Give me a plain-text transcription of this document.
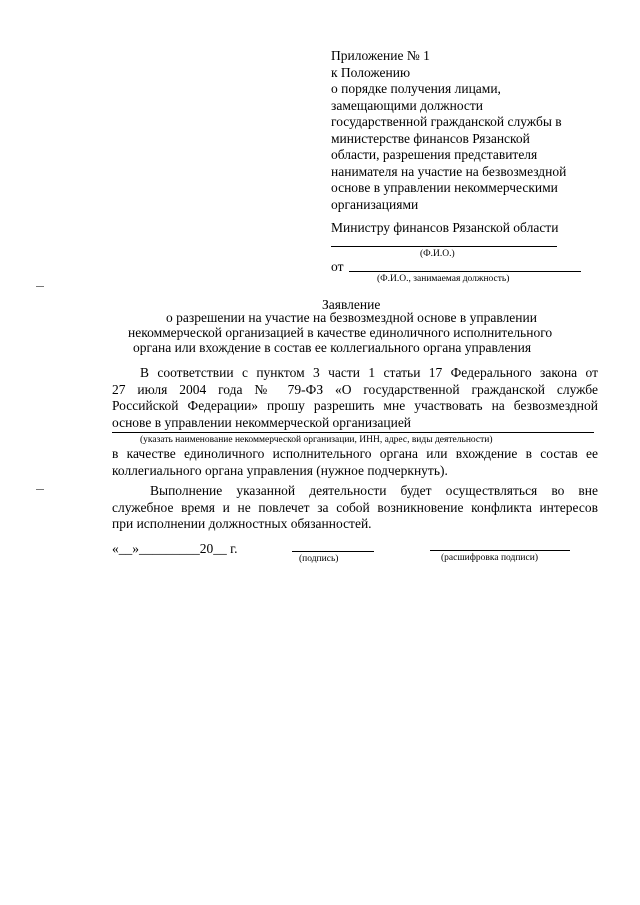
Приложение № 1
к Положению
о порядке получения лицами,
замещающими должности
государственной гражданской службы в
министерстве финансов Рязанской
области, разрешения представителя
нанимателя на участие на безвозмездной
основе в управлении некоммерческими
организациями
Министру финансов Рязанской области
(Ф.И.О.)
от
(Ф.И.О., занимаемая должность)
Заявление
о разрешении на участие на безвозмездной основе в управлении
некоммерческой организацией в качестве единоличного исполнительного
органа или вхождение в состав ее коллегиального органа управления
В соответствии с пунктом 3 части 1 статьи 17 Федерального закона от
27 июля 2004 года № 79-ФЗ «О государственной гражданской службе
Российской Федерации» прошу разрешить мне участвовать на безвозмездной
основе в управлении некоммерческой организацией
(указать наименование некоммерческой организации, ИНН, адрес, виды деятельности)
в качестве единоличного исполнительного органа или вхождение в состав ее
коллегиального органа управления (нужное подчеркнуть).
Выполнение указанной деятельности будет осуществляться во вне
служебное время и не повлечет за собой возникновение конфликта интересов
при исполнении должностных обязанностей.
«__»_________20__ г.
(подпись)	(расшифровка подписи)
